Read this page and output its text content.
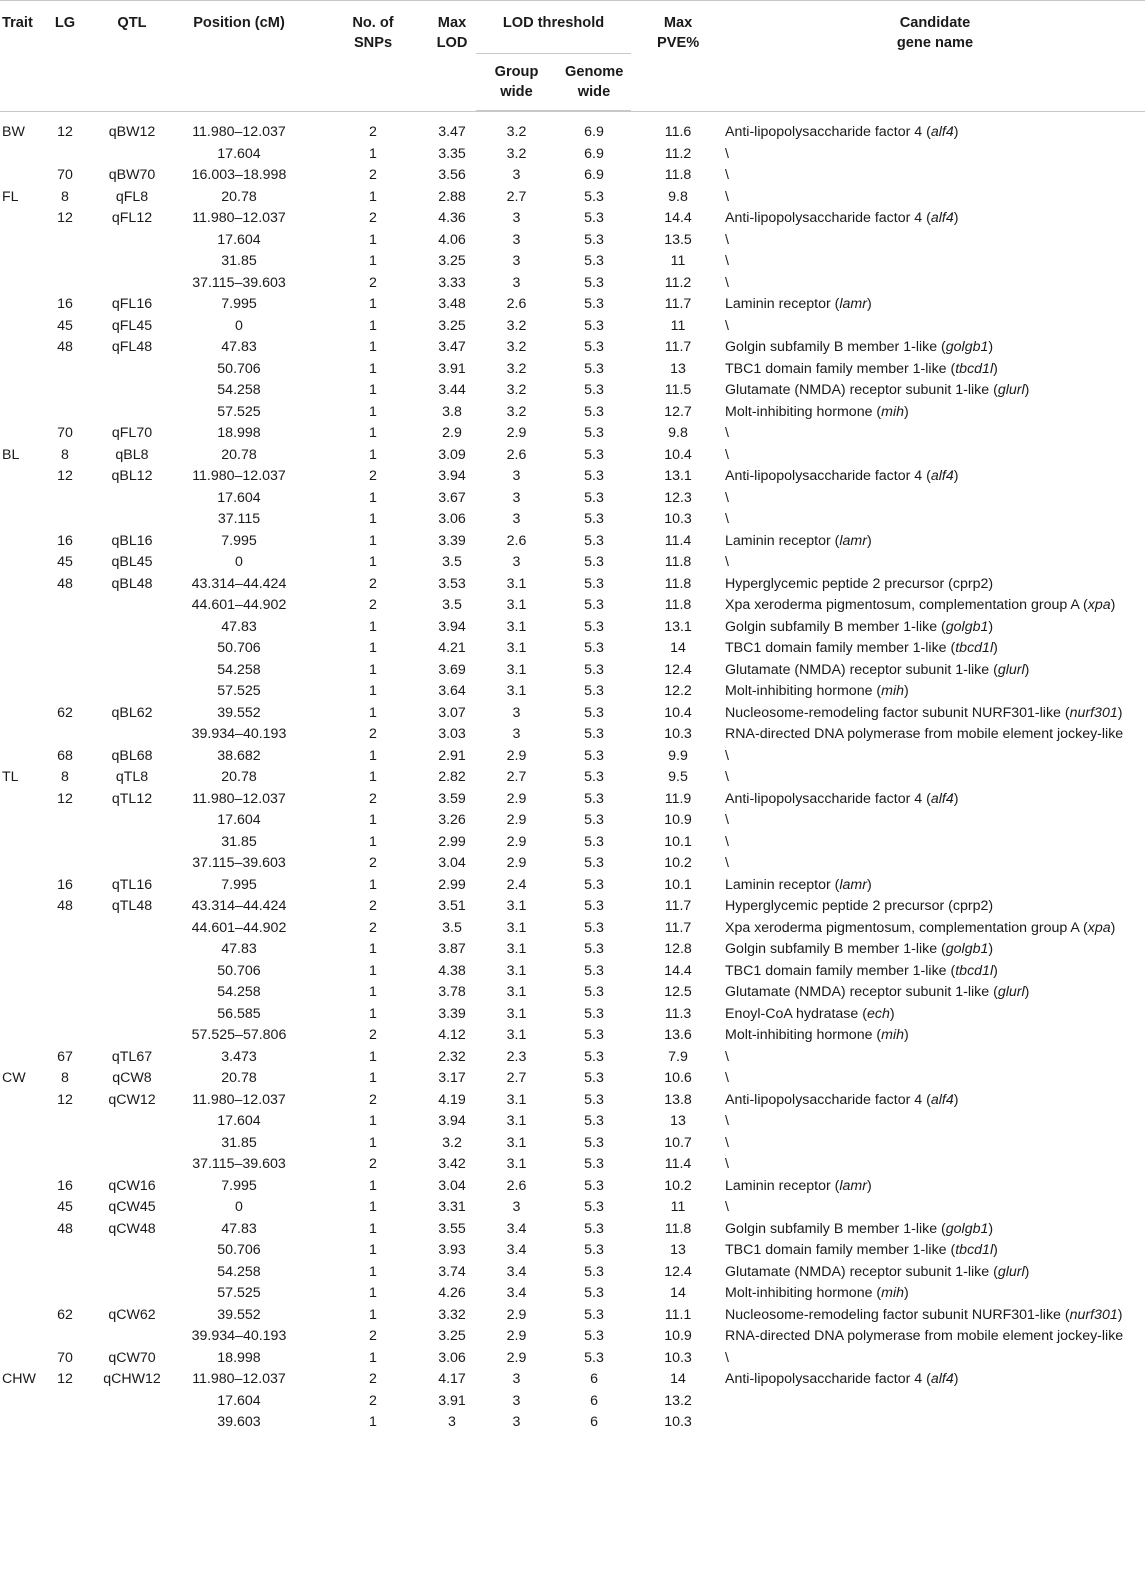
Trait	LG	QTL	Position (cM)	No. of SNPs	Max LOD	LOD threshold		Max PVE%	Candidate gene name
						Group wide	Genome wide		

BW	12	qBW12	11.980–12.037	2	3.47	3.2	6.9	11.6	Anti-lipopolysaccharide factor 4 (alf4)
			17.604	1	3.35	3.2	6.9	11.2	\
	70	qBW70	16.003–18.998	2	3.56	3	6.9	11.8	\
FL	8	qFL8	20.78	1	2.88	2.7	5.3	9.8	\
	12	qFL12	11.980–12.037	2	4.36	3	5.3	14.4	Anti-lipopolysaccharide factor 4 (alf4)
			17.604	1	4.06	3	5.3	13.5	\
			31.85	1	3.25	3	5.3	11	\
			37.115–39.603	2	3.33	3	5.3	11.2	\
	16	qFL16	7.995	1	3.48	2.6	5.3	11.7	Laminin receptor (lamr)
	45	qFL45	0	1	3.25	3.2	5.3	11	\
	48	qFL48	47.83	1	3.47	3.2	5.3	11.7	Golgin subfamily B member 1-like (golgb1)
			50.706	1	3.91	3.2	5.3	13	TBC1 domain family member 1-like (tbcd1l)
			54.258	1	3.44	3.2	5.3	11.5	Glutamate (NMDA) receptor subunit 1-like (glurl)
			57.525	1	3.8	3.2	5.3	12.7	Molt-inhibiting hormone (mih)
	70	qFL70	18.998	1	2.9	2.9	5.3	9.8	\
BL	8	qBL8	20.78	1	3.09	2.6	5.3	10.4	\
	12	qBL12	11.980–12.037	2	3.94	3	5.3	13.1	Anti-lipopolysaccharide factor 4 (alf4)
			17.604	1	3.67	3	5.3	12.3	\
			37.115	1	3.06	3	5.3	10.3	\
	16	qBL16	7.995	1	3.39	2.6	5.3	11.4	Laminin receptor (lamr)
	45	qBL45	0	1	3.5	3	5.3	11.8	\
	48	qBL48	43.314–44.424	2	3.53	3.1	5.3	11.8	Hyperglycemic peptide 2 precursor (cprp2)
			44.601–44.902	2	3.5	3.1	5.3	11.8	Xpa xeroderma pigmentosum, complementation group A (xpa)
			47.83	1	3.94	3.1	5.3	13.1	Golgin subfamily B member 1-like (golgb1)
			50.706	1	4.21	3.1	5.3	14	TBC1 domain family member 1-like (tbcd1l)
			54.258	1	3.69	3.1	5.3	12.4	Glutamate (NMDA) receptor subunit 1-like (glurl)
			57.525	1	3.64	3.1	5.3	12.2	Molt-inhibiting hormone (mih)
	62	qBL62	39.552	1	3.07	3	5.3	10.4	Nucleosome-remodeling factor subunit NURF301-like (nurf301)
			39.934–40.193	2	3.03	3	5.3	10.3	RNA-directed DNA polymerase from mobile element jockey-like
	68	qBL68	38.682	1	2.91	2.9	5.3	9.9	\
TL	8	qTL8	20.78	1	2.82	2.7	5.3	9.5	\
	12	qTL12	11.980–12.037	2	3.59	2.9	5.3	11.9	Anti-lipopolysaccharide factor 4 (alf4)
			17.604	1	3.26	2.9	5.3	10.9	\
			31.85	1	2.99	2.9	5.3	10.1	\
			37.115–39.603	2	3.04	2.9	5.3	10.2	\
	16	qTL16	7.995	1	2.99	2.4	5.3	10.1	Laminin receptor (lamr)
	48	qTL48	43.314–44.424	2	3.51	3.1	5.3	11.7	Hyperglycemic peptide 2 precursor (cprp2)
			44.601–44.902	2	3.5	3.1	5.3	11.7	Xpa xeroderma pigmentosum, complementation group A (xpa)
			47.83	1	3.87	3.1	5.3	12.8	Golgin subfamily B member 1-like (golgb1)
			50.706	1	4.38	3.1	5.3	14.4	TBC1 domain family member 1-like (tbcd1l)
			54.258	1	3.78	3.1	5.3	12.5	Glutamate (NMDA) receptor subunit 1-like (glurl)
			56.585	1	3.39	3.1	5.3	11.3	Enoyl-CoA hydratase (ech)
			57.525–57.806	2	4.12	3.1	5.3	13.6	Molt-inhibiting hormone (mih)
	67	qTL67	3.473	1	2.32	2.3	5.3	7.9	\
CW	8	qCW8	20.78	1	3.17	2.7	5.3	10.6	\
	12	qCW12	11.980–12.037	2	4.19	3.1	5.3	13.8	Anti-lipopolysaccharide factor 4 (alf4)
			17.604	1	3.94	3.1	5.3	13	\
			31.85	1	3.2	3.1	5.3	10.7	\
			37.115–39.603	2	3.42	3.1	5.3	11.4	\
	16	qCW16	7.995	1	3.04	2.6	5.3	10.2	Laminin receptor (lamr)
	45	qCW45	0	1	3.31	3	5.3	11	\
	48	qCW48	47.83	1	3.55	3.4	5.3	11.8	Golgin subfamily B member 1-like (golgb1)
			50.706	1	3.93	3.4	5.3	13	TBC1 domain family member 1-like (tbcd1l)
			54.258	1	3.74	3.4	5.3	12.4	Glutamate (NMDA) receptor subunit 1-like (glurl)
			57.525	1	4.26	3.4	5.3	14	Molt-inhibiting hormone (mih)
	62	qCW62	39.552	1	3.32	2.9	5.3	11.1	Nucleosome-remodeling factor subunit NURF301-like (nurf301)
			39.934–40.193	2	3.25	2.9	5.3	10.9	RNA-directed DNA polymerase from mobile element jockey-like
	70	qCW70	18.998	1	3.06	2.9	5.3	10.3	\
CHW	12	qCHW12	11.980–12.037	2	4.17	3	6	14	Anti-lipopolysaccharide factor 4 (alf4)
			17.604	2	3.91	3	6	13.2	
			39.603	1	3	3	6	10.3	
